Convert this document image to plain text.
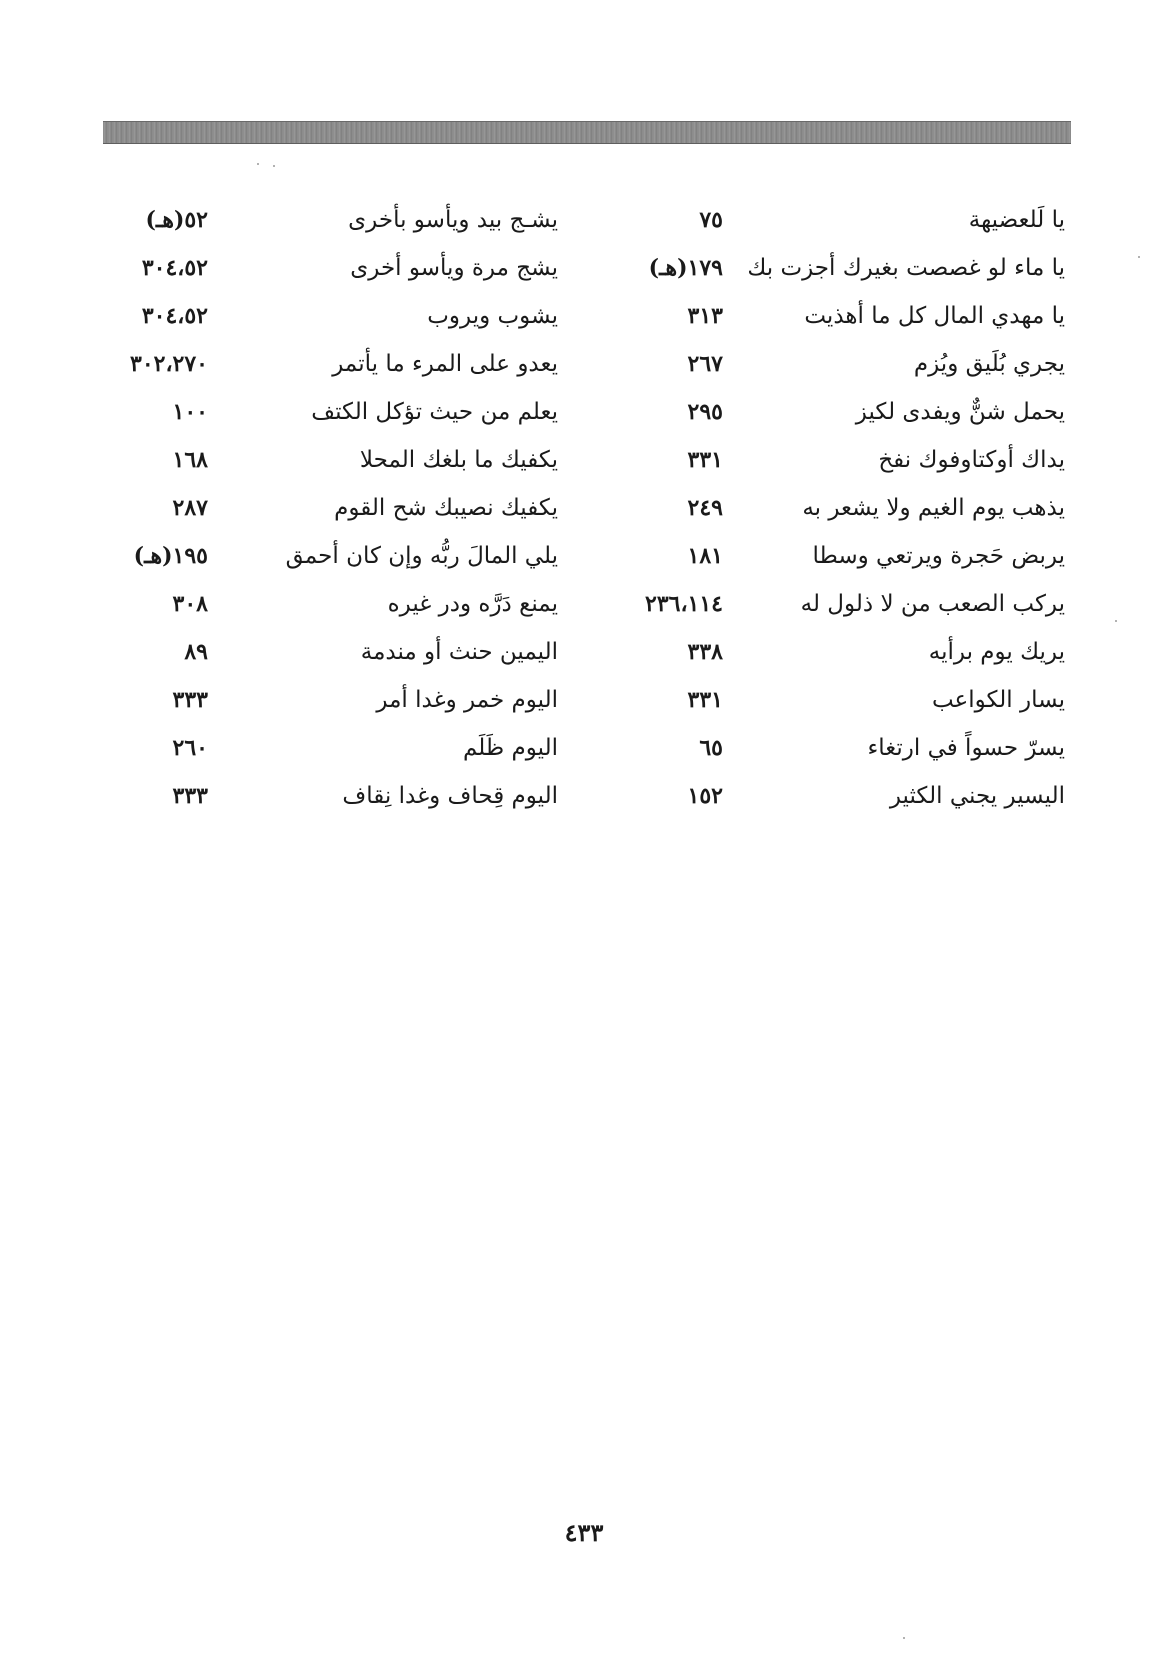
يا لَلعضيهة
٧٥
يشـج بيد ويأسو بأخرى
٥٢(هـ)
يا ماء لو غصصت بغيرك أجزت بك
١٧٩(هـ)
يشج مرة ويأسو أخرى
٣٠٤،٥٢
يا مهدي المال كل ما أهذيت
٣١٣
يشوب ويروب
٣٠٤،٥٢
يجري بُلَيق ويُزم
٢٦٧
يعدو على المرء ما يأتمر
٣٠٢،٢٧٠
يحمل شنٌّ ويفدى لكيز
٢٩٥
يعلم من حيث تؤكل الكتف
١٠٠
يداك أوكتاوفوك نفخ
٣٣١
يكفيك ما بلغك المحلا
١٦٨
يذهب يوم الغيم ولا يشعر به
٢٤٩
يكفيك نصيبك شح القوم
٢٨٧
يربض حَجرة ويرتعي وسطا
١٨١
يلي المالَ ربُّه وإن كان أحمق
١٩٥(هـ)
يركب الصعب من لا ذلول له
٢٣٦،١١٤
يمنع دَرَّه ودر غيره
٣٠٨
يريك يوم برأيه
٣٣٨
اليمين حنث أو مندمة
٨٩
يسار الكواعب
٣٣١
اليوم خمر وغدا أمر
٣٣٣
يسرّ حسواً في ارتغاء
٦٥
اليوم ظَلَم
٢٦٠
اليسير يجني الكثير
١٥٢
اليوم قِحاف وغدا نِقاف
٣٣٣
٤٣٣
